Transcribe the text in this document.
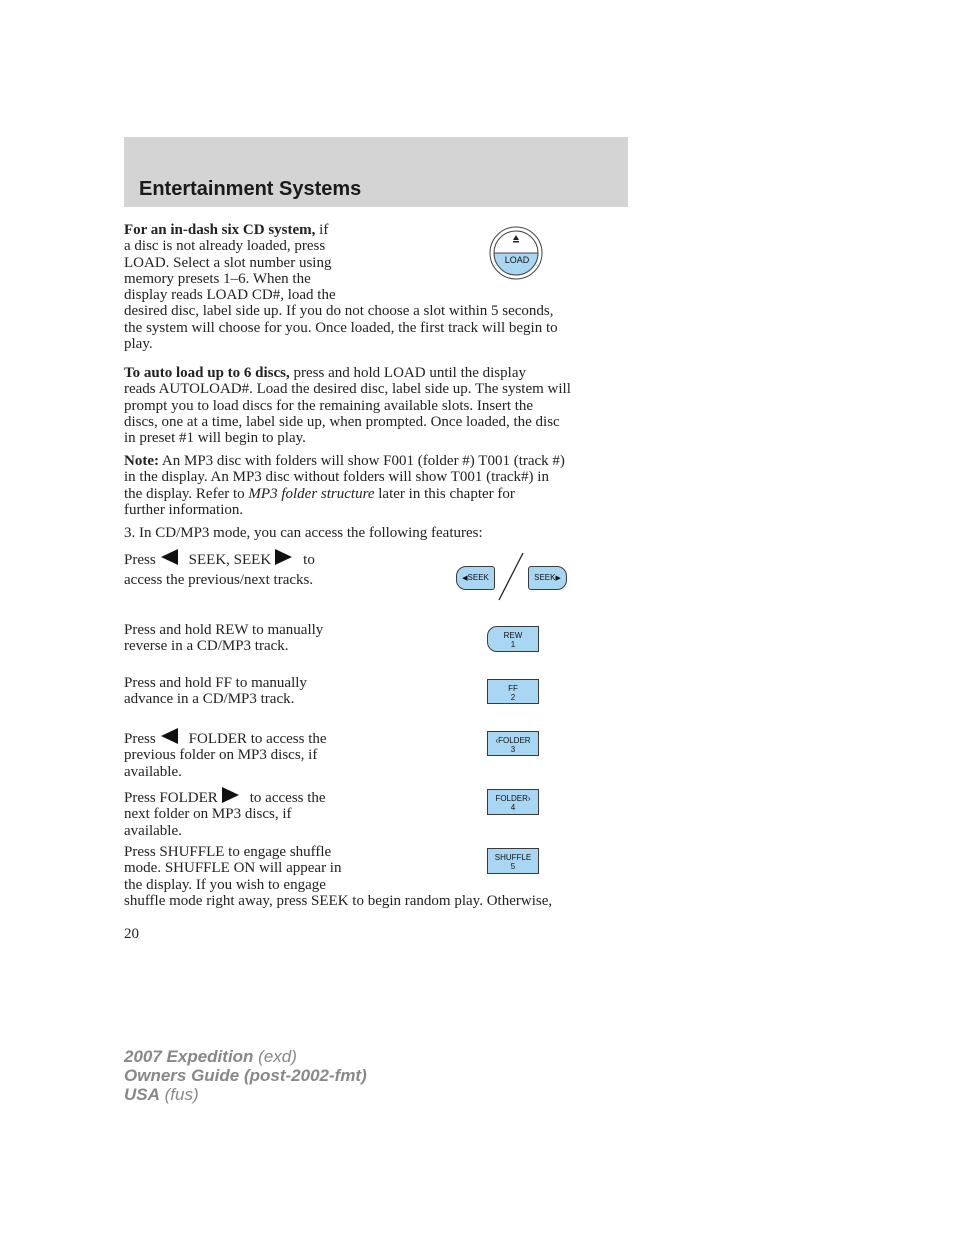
Entertainment Systems
For an in-dash six CD system, if
a disc is not already loaded, press
LOAD. Select a slot number using
memory presets 1–6. When the
display reads LOAD CD#, load the
desired disc, label side up. If you do not choose a slot within 5 seconds,
the system will choose for you. Once loaded, the first track will begin to
play.
LOAD
To auto load up to 6 discs, press and hold LOAD until the display
reads AUTOLOAD#. Load the desired disc, label side up. The system will
prompt you to load discs for the remaining available slots. Insert the
discs, one at a time, label side up, when prompted. Once loaded, the disc
in preset #1 will begin to play.
Note: An MP3 disc with folders will show F001 (folder #) T001 (track #)
in the display. An MP3 disc without folders will show T001 (track#) in
the display. Refer to MP3 folder structure later in this chapter for
further information.
3. In CD/MP3 mode, you can access the following features:
Press SEEK, SEEK to
access the previous/next tracks.	◀SEEK	SEEK▶
Press and hold REW to manually
reverse in a CD/MP3 track.
REW
1
Press and hold FF to manually
advance in a CD/MP3 track.
FF
2
Press FOLDER to access the
previous folder on MP3 discs, if
available.
‹FOLDER
3
Press FOLDER to access the
next folder on MP3 discs, if
available.
FOLDER›
4
Press SHUFFLE to engage shuffle
mode. SHUFFLE ON will appear in
the display. If you wish to engage
shuffle mode right away, press SEEK to begin random play. Otherwise,
SHUFFLE
5
20
2007 Expedition (exd)
Owners Guide (post-2002-fmt)
USA (fus)
